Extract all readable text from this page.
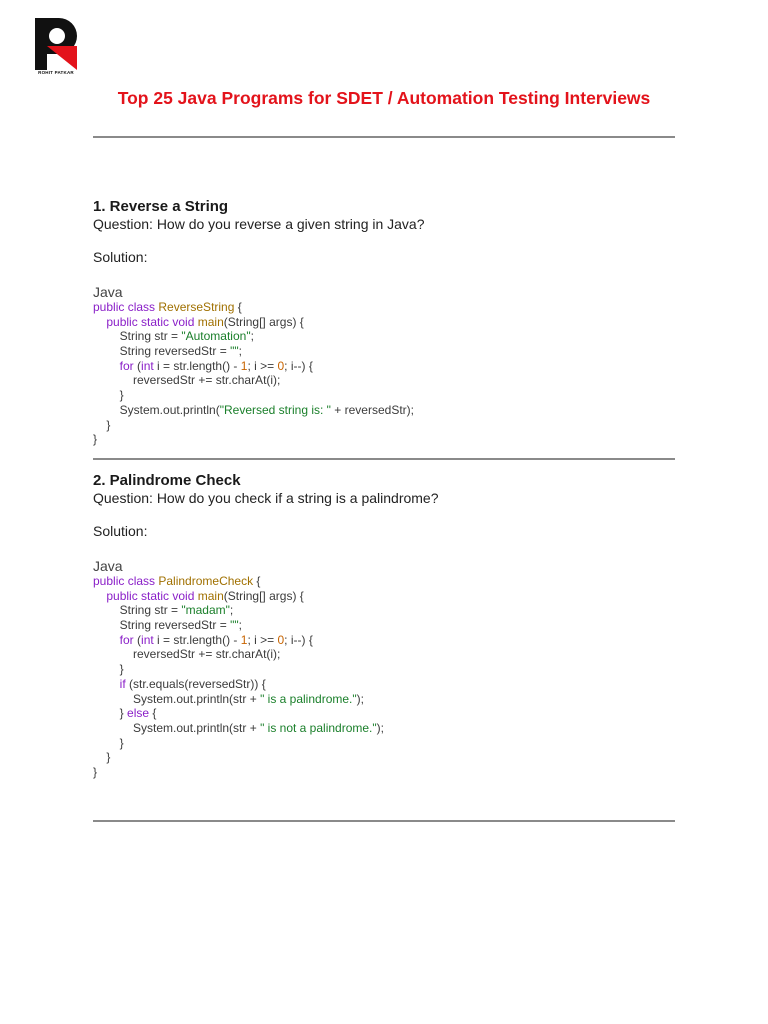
ROHIT PATKAR
Top 25 Java Programs for SDET / Automation Testing Interviews
1. Reverse a String
Question: How do you reverse a given string in Java?
Solution:
Java
public class ReverseString {
public static void main(String[] args) {
String str = "Automation";
String reversedStr = "";
for (int i = str.length() - 1; i >= 0; i--) {
reversedStr += str.charAt(i);
}
System.out.println("Reversed string is: " + reversedStr);
}
}
2. Palindrome Check
Question: How do you check if a string is a palindrome?
Solution:
Java
public class PalindromeCheck {
public static void main(String[] args) {
String str = "madam";
String reversedStr = "";
for (int i = str.length() - 1; i >= 0; i--) {
reversedStr += str.charAt(i);
}
if (str.equals(reversedStr)) {
System.out.println(str + " is a palindrome.");
} else {
System.out.println(str + " is not a palindrome.");
}
}
}
